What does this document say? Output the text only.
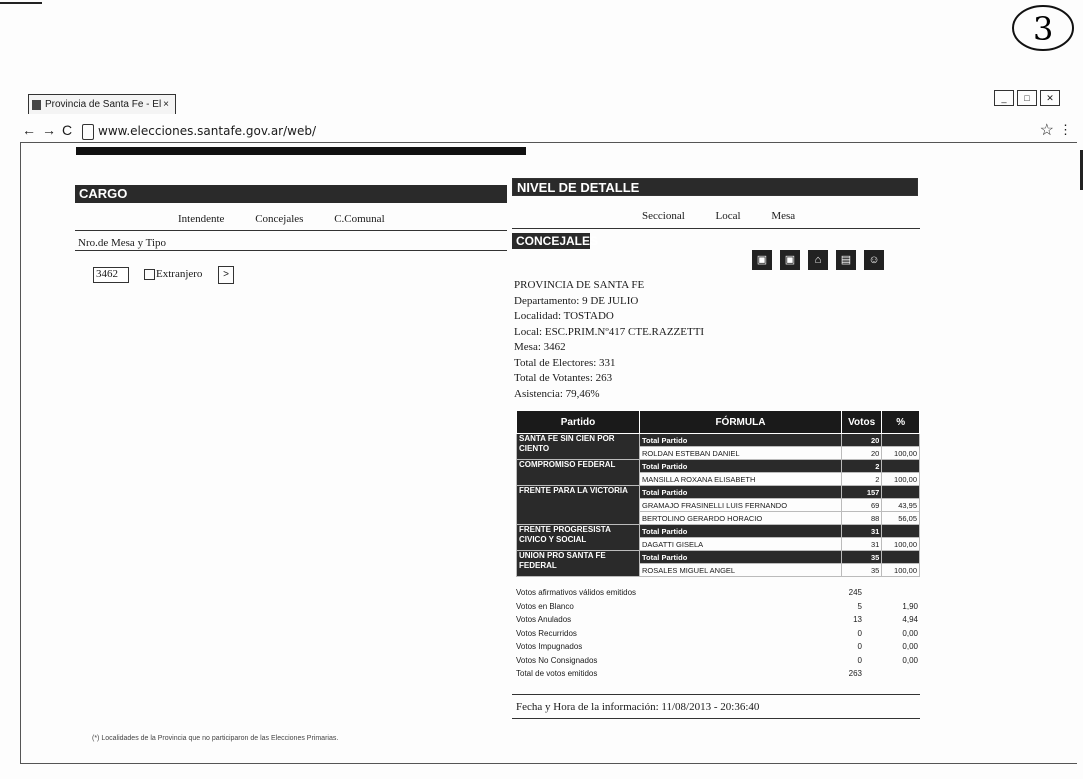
3
Provincia de Santa Fe - El ×
_	□	✕
←→C www.elecciones.santafe.gov.ar/web/	☆ ⋮
CARGO
Intendente	Concejales	C.Comunal
Nro.de Mesa y Tipo
3462	Extranjero	>
(*) Localidades de la Provincia que no participaron de las Elecciones Primarias.
NIVEL DE DETALLE
Seccional	Local	Mesa
CONCEJALES
▣	▣	⌂	▤	☺
PROVINCIA DE SANTA FE
Departamento: 9 DE JULIO
Localidad: TOSTADO
Local: ESC.PRIM.Nº417 CTE.RAZZETTI
Mesa: 3462
Total de Electores: 331
Total de Votantes: 263
Asistencia: 79,46%
Partido	FÓRMULA	Votos	%
SANTA FE SIN CIEN POR CIENTO	Total Partido	20	
	ROLDAN ESTEBAN DANIEL	20	100,00
COMPROMISO FEDERAL	Total Partido	2	
	MANSILLA ROXANA ELISABETH	2	100,00
FRENTE PARA LA VICTORIA	Total Partido	157	
	GRAMAJO FRASINELLI LUIS FERNANDO	69	43,95
	BERTOLINO GERARDO HORACIO	88	56,05
FRENTE PROGRESISTA CIVICO Y SOCIAL	Total Partido	31	
	DAGATTI GISELA	31	100,00
UNION PRO SANTA FE FEDERAL	Total Partido	35	
	ROSALES MIGUEL ANGEL	35	100,00
Votos afirmativos válidos emitidos	245
Votos en Blanco	5	1,90
Votos Anulados	13	4,94
Votos Recurridos	0	0,00
Votos Impugnados	0	0,00
Votos No Consignados	0	0,00
Total de votos emitidos	263
Fecha y Hora de la información: 11/08/2013 - 20:36:40
